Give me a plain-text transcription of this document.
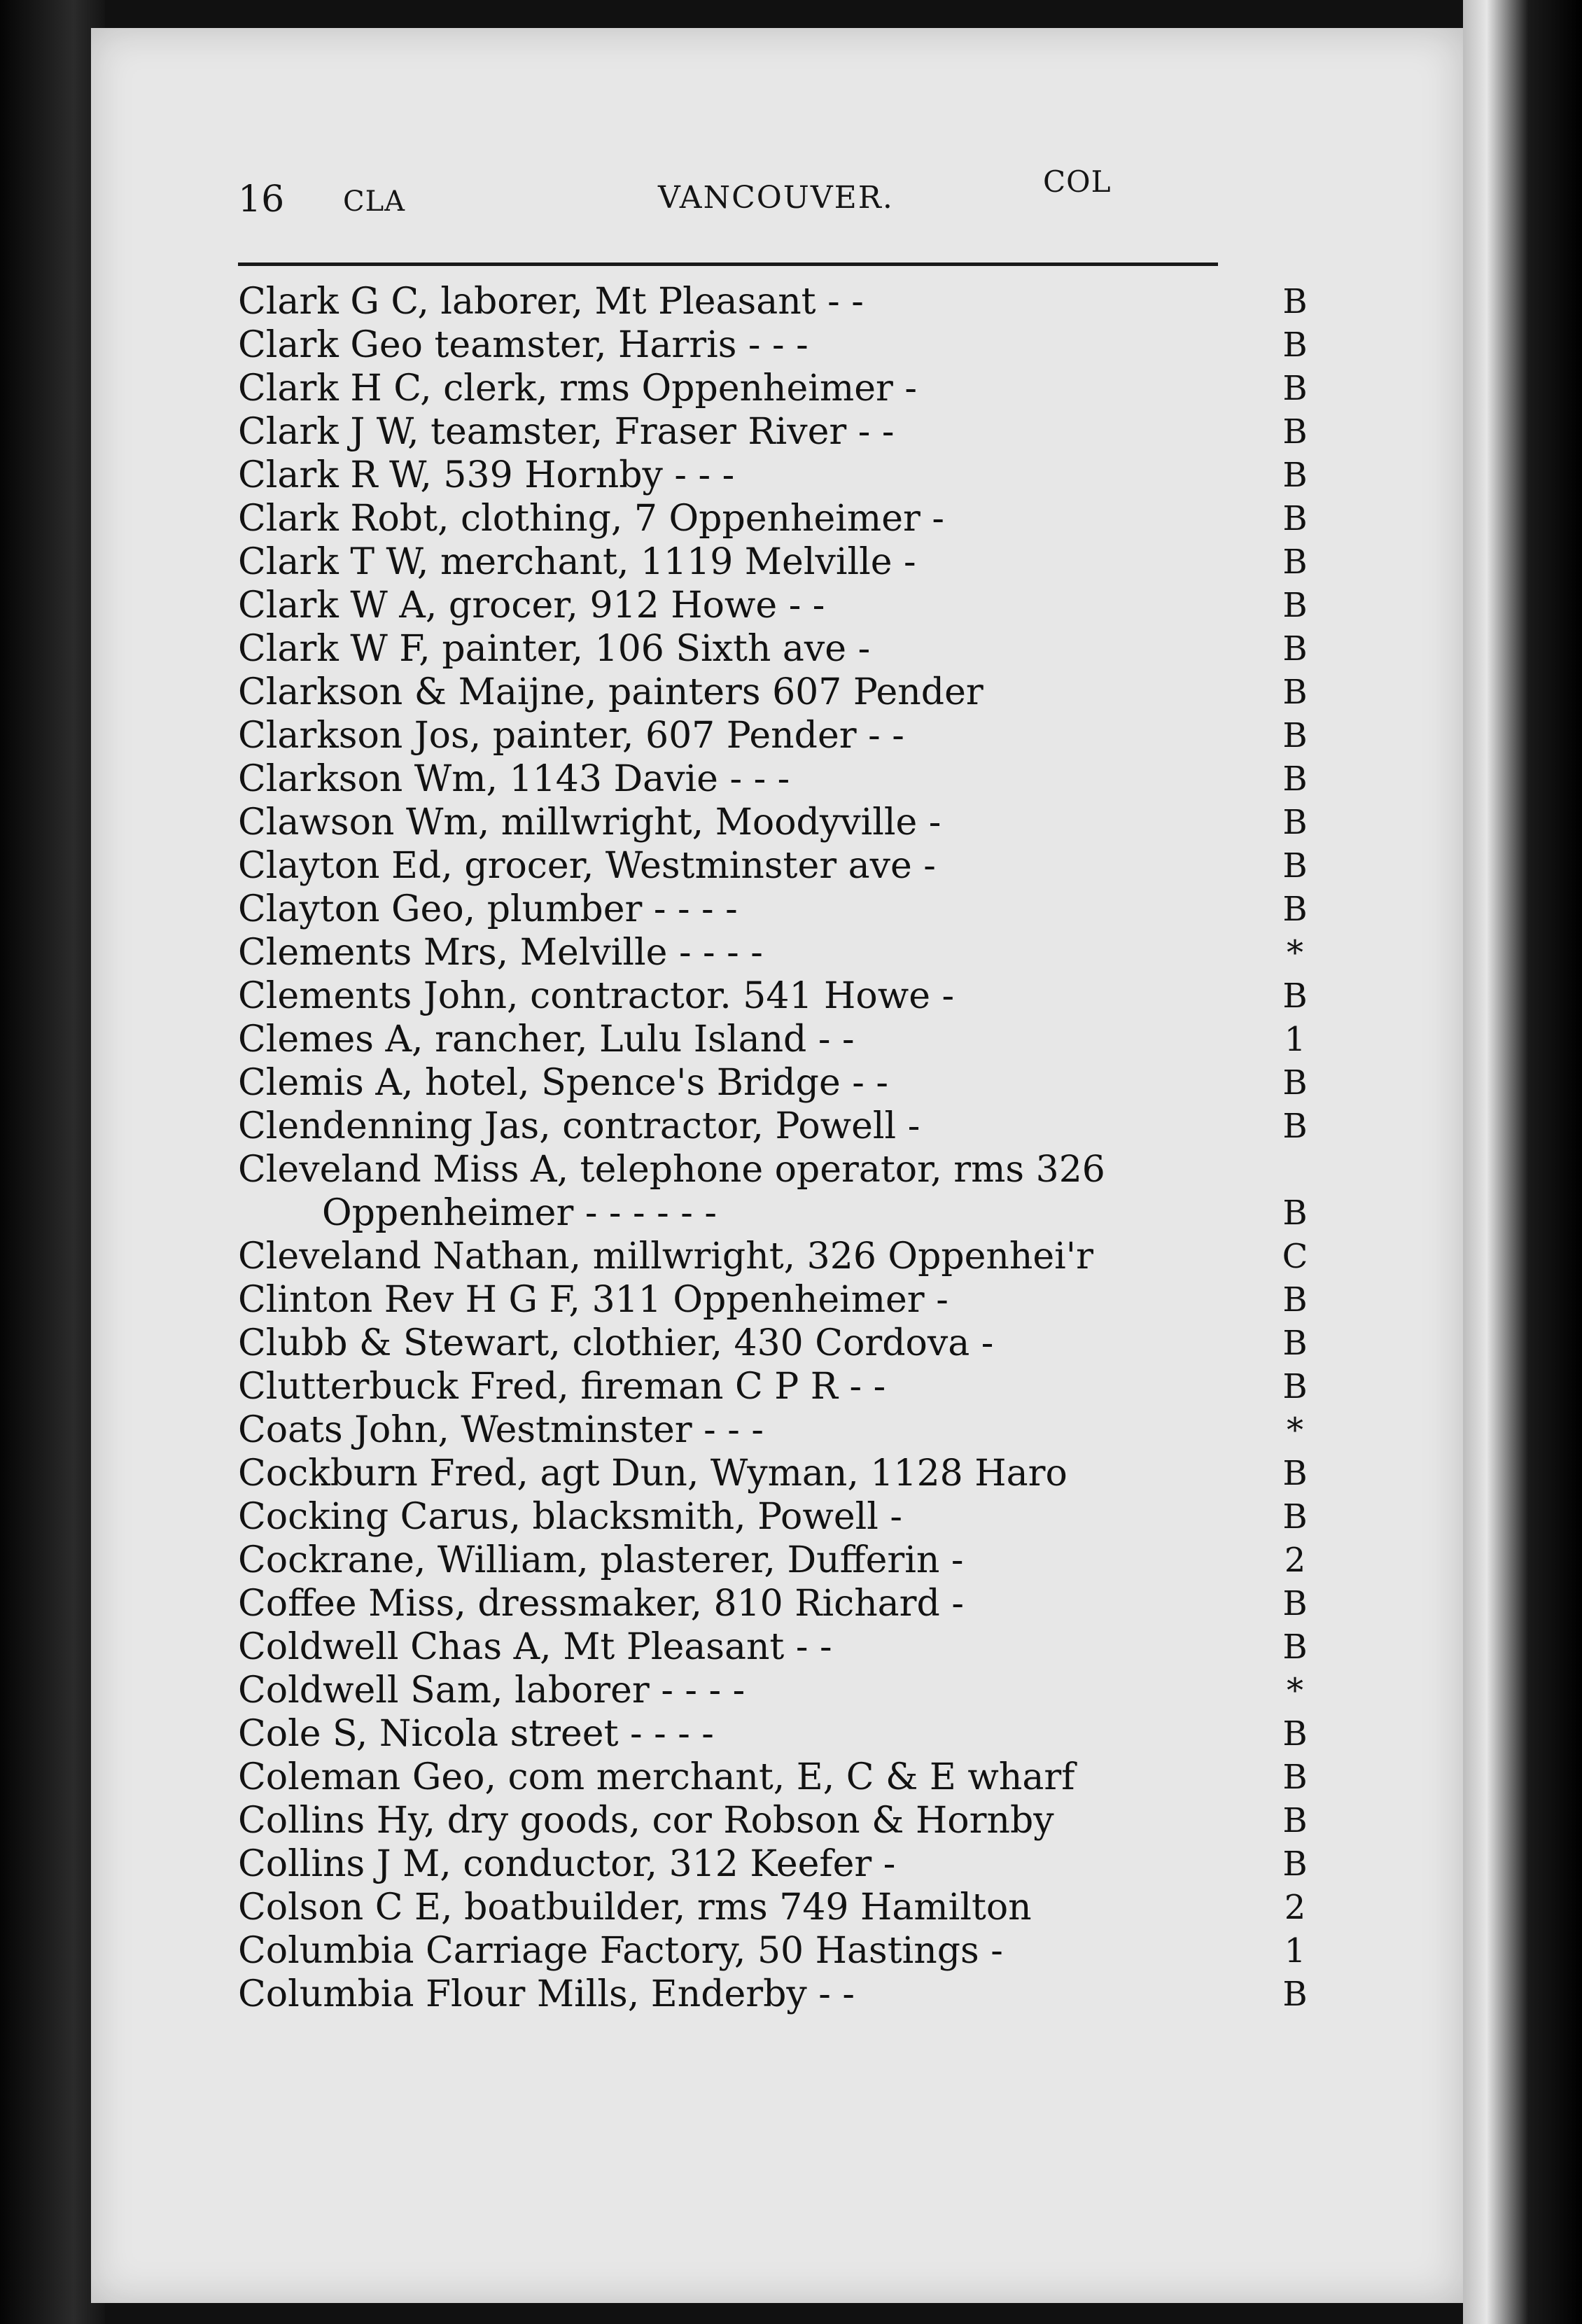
16 CLA	VANCOUVER.	COL
Clark G C, laborer, Mt Pleasant - -	B
Clark Geo teamster, Harris - - -	B
Clark H C, clerk, rms Oppenheimer -	B
Clark J W, teamster, Fraser River - -	B
Clark R W, 539 Hornby - - -	B
Clark Robt, clothing, 7 Oppenheimer -	B
Clark T W, merchant, 1119 Melville -	B
Clark W A, grocer, 912 Howe - -	B
Clark W F, painter, 106 Sixth ave -	B
Clarkson & Maijne, painters 607 Pender	B
Clarkson Jos, painter, 607 Pender - -	B
Clarkson Wm, 1143 Davie - - -	B
Clawson Wm, millwright, Moodyville -	B
Clayton Ed, grocer, Westminster ave -	B
Clayton Geo, plumber - - - -	B
Clements Mrs, Melville - - - -	*
Clements John, contractor. 541 Howe -	B
Clemes A, rancher, Lulu Island - -	1
Clemis A, hotel, Spence's Bridge - -	B
Clendenning Jas, contractor, Powell -	B
Cleveland Miss A, telephone operator, rms 326
Oppenheimer - - - - - -	B
Cleveland Nathan, millwright, 326 Oppenhei'r	C
Clinton Rev H G F, 311 Oppenheimer -	B
Clubb & Stewart, clothier, 430 Cordova -	B
Clutterbuck Fred, fireman C P R - -	B
Coats John, Westminster - - -	*
Cockburn Fred, agt Dun, Wyman, 1128 Haro	B
Cocking Carus, blacksmith, Powell -	B
Cockrane, William, plasterer, Dufferin -	2
Coffee Miss, dressmaker, 810 Richard -	B
Coldwell Chas A, Mt Pleasant - -	B
Coldwell Sam, laborer - - - -	*
Cole S, Nicola street - - - -	B
Coleman Geo, com merchant, E, C & E wharf	B
Collins Hy, dry goods, cor Robson & Hornby	B
Collins J M, conductor, 312 Keefer -	B
Colson C E, boatbuilder, rms 749 Hamilton	2
Columbia Carriage Factory, 50 Hastings -	1
Columbia Flour Mills, Enderby - -	B
